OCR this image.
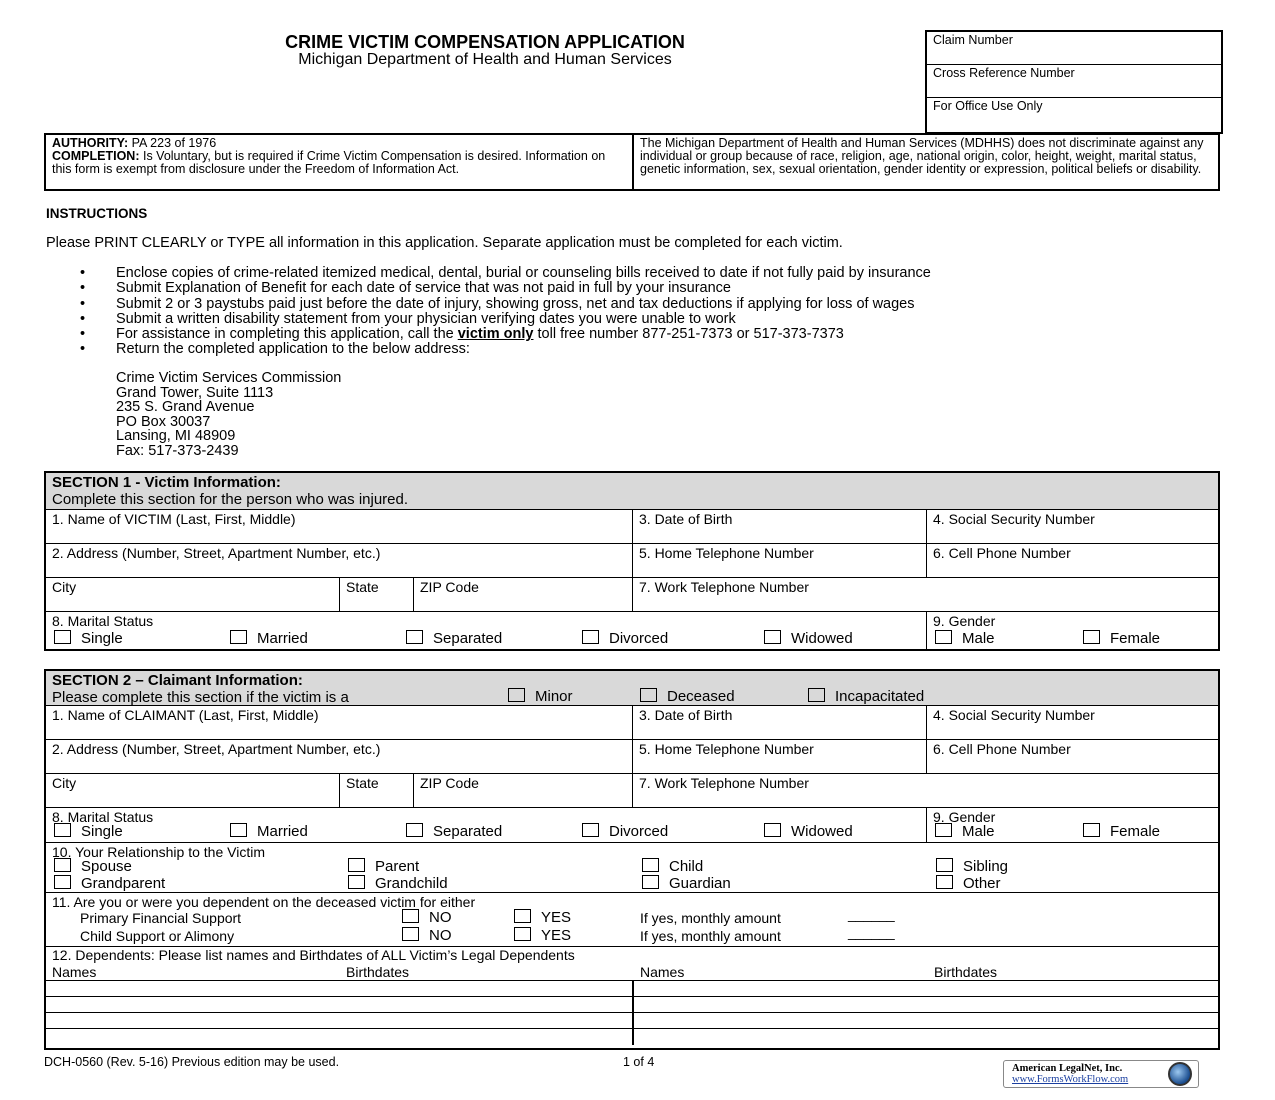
CRIME VICTIM COMPENSATION APPLICATION
Michigan Department of Health and Human Services
Claim Number
Cross Reference Number
For Office Use Only
AUTHORITY: PA 223 of 1976
COMPLETION: Is Voluntary, but is required if Crime Victim Compensation is desired. Information on this form is exempt from disclosure under the Freedom of Information Act.
The Michigan Department of Health and Human Services (MDHHS) does not discriminate against any individual or group because of race, religion, age, national origin, color, height, weight, marital status, genetic information, sex, sexual orientation, gender identity or expression, political beliefs or disability.
INSTRUCTIONS
Please PRINT CLEARLY or TYPE all information in this application. Separate application must be completed for each victim.
•	Enclose copies of crime-related itemized medical, dental, burial or counseling bills received to date if not fully paid by insurance
•	Submit Explanation of Benefit for each date of service that was not paid in full by your insurance
•	Submit 2 or 3 paystubs paid just before the date of injury, showing gross, net and tax deductions if applying for loss of wages
•	Submit a written disability statement from your physician verifying dates you were unable to work
•	For assistance in completing this application, call the victim only toll free number 877-251-7373 or 517-373-7373
•	Return the completed application to the below address:
Crime Victim Services Commission
Grand Tower, Suite 1113
235 S. Grand Avenue
PO Box 30037
Lansing, MI 48909
Fax: 517-373-2439
SECTION 1 - Victim Information:
Complete this section for the person who was injured.
1. Name of VICTIM (Last, First, Middle)	3. Date of Birth	4. Social Security Number
2. Address (Number, Street, Apartment Number, etc.)	5. Home Telephone Number	6. Cell Phone Number
City	State	ZIP Code	7. Work Telephone Number
8. Marital Status
Single	Married	Separated	Divorced	Widowed
9. Gender
Male	Female
SECTION 2 – Claimant Information:
Please complete this section if the victim is a	Minor	Deceased	Incapacitated
1. Name of CLAIMANT (Last, First, Middle)	3. Date of Birth	4. Social Security Number
2. Address (Number, Street, Apartment Number, etc.)	5. Home Telephone Number	6. Cell Phone Number
City	State	ZIP Code	7. Work Telephone Number
8. Marital Status
Single	Married	Separated	Divorced	Widowed
9. Gender
Male	Female
10. Your Relationship to the Victim
Spouse	Parent	Child	Sibling
Grandparent	Grandchild	Guardian	Other
11. Are you or were you dependent on the deceased victim for either
Primary Financial Support	NO	YES	If yes, monthly amount	______
Child Support or Alimony	NO	YES	If yes, monthly amount	______
12. Dependents: Please list names and Birthdates of ALL Victim’s Legal Dependents
Names	Birthdates	Names	Birthdates
DCH-0560 (Rev. 5-16) Previous edition may be used.	1 of 4	American LegalNet, Inc.
www.FormsWorkFlow.com
